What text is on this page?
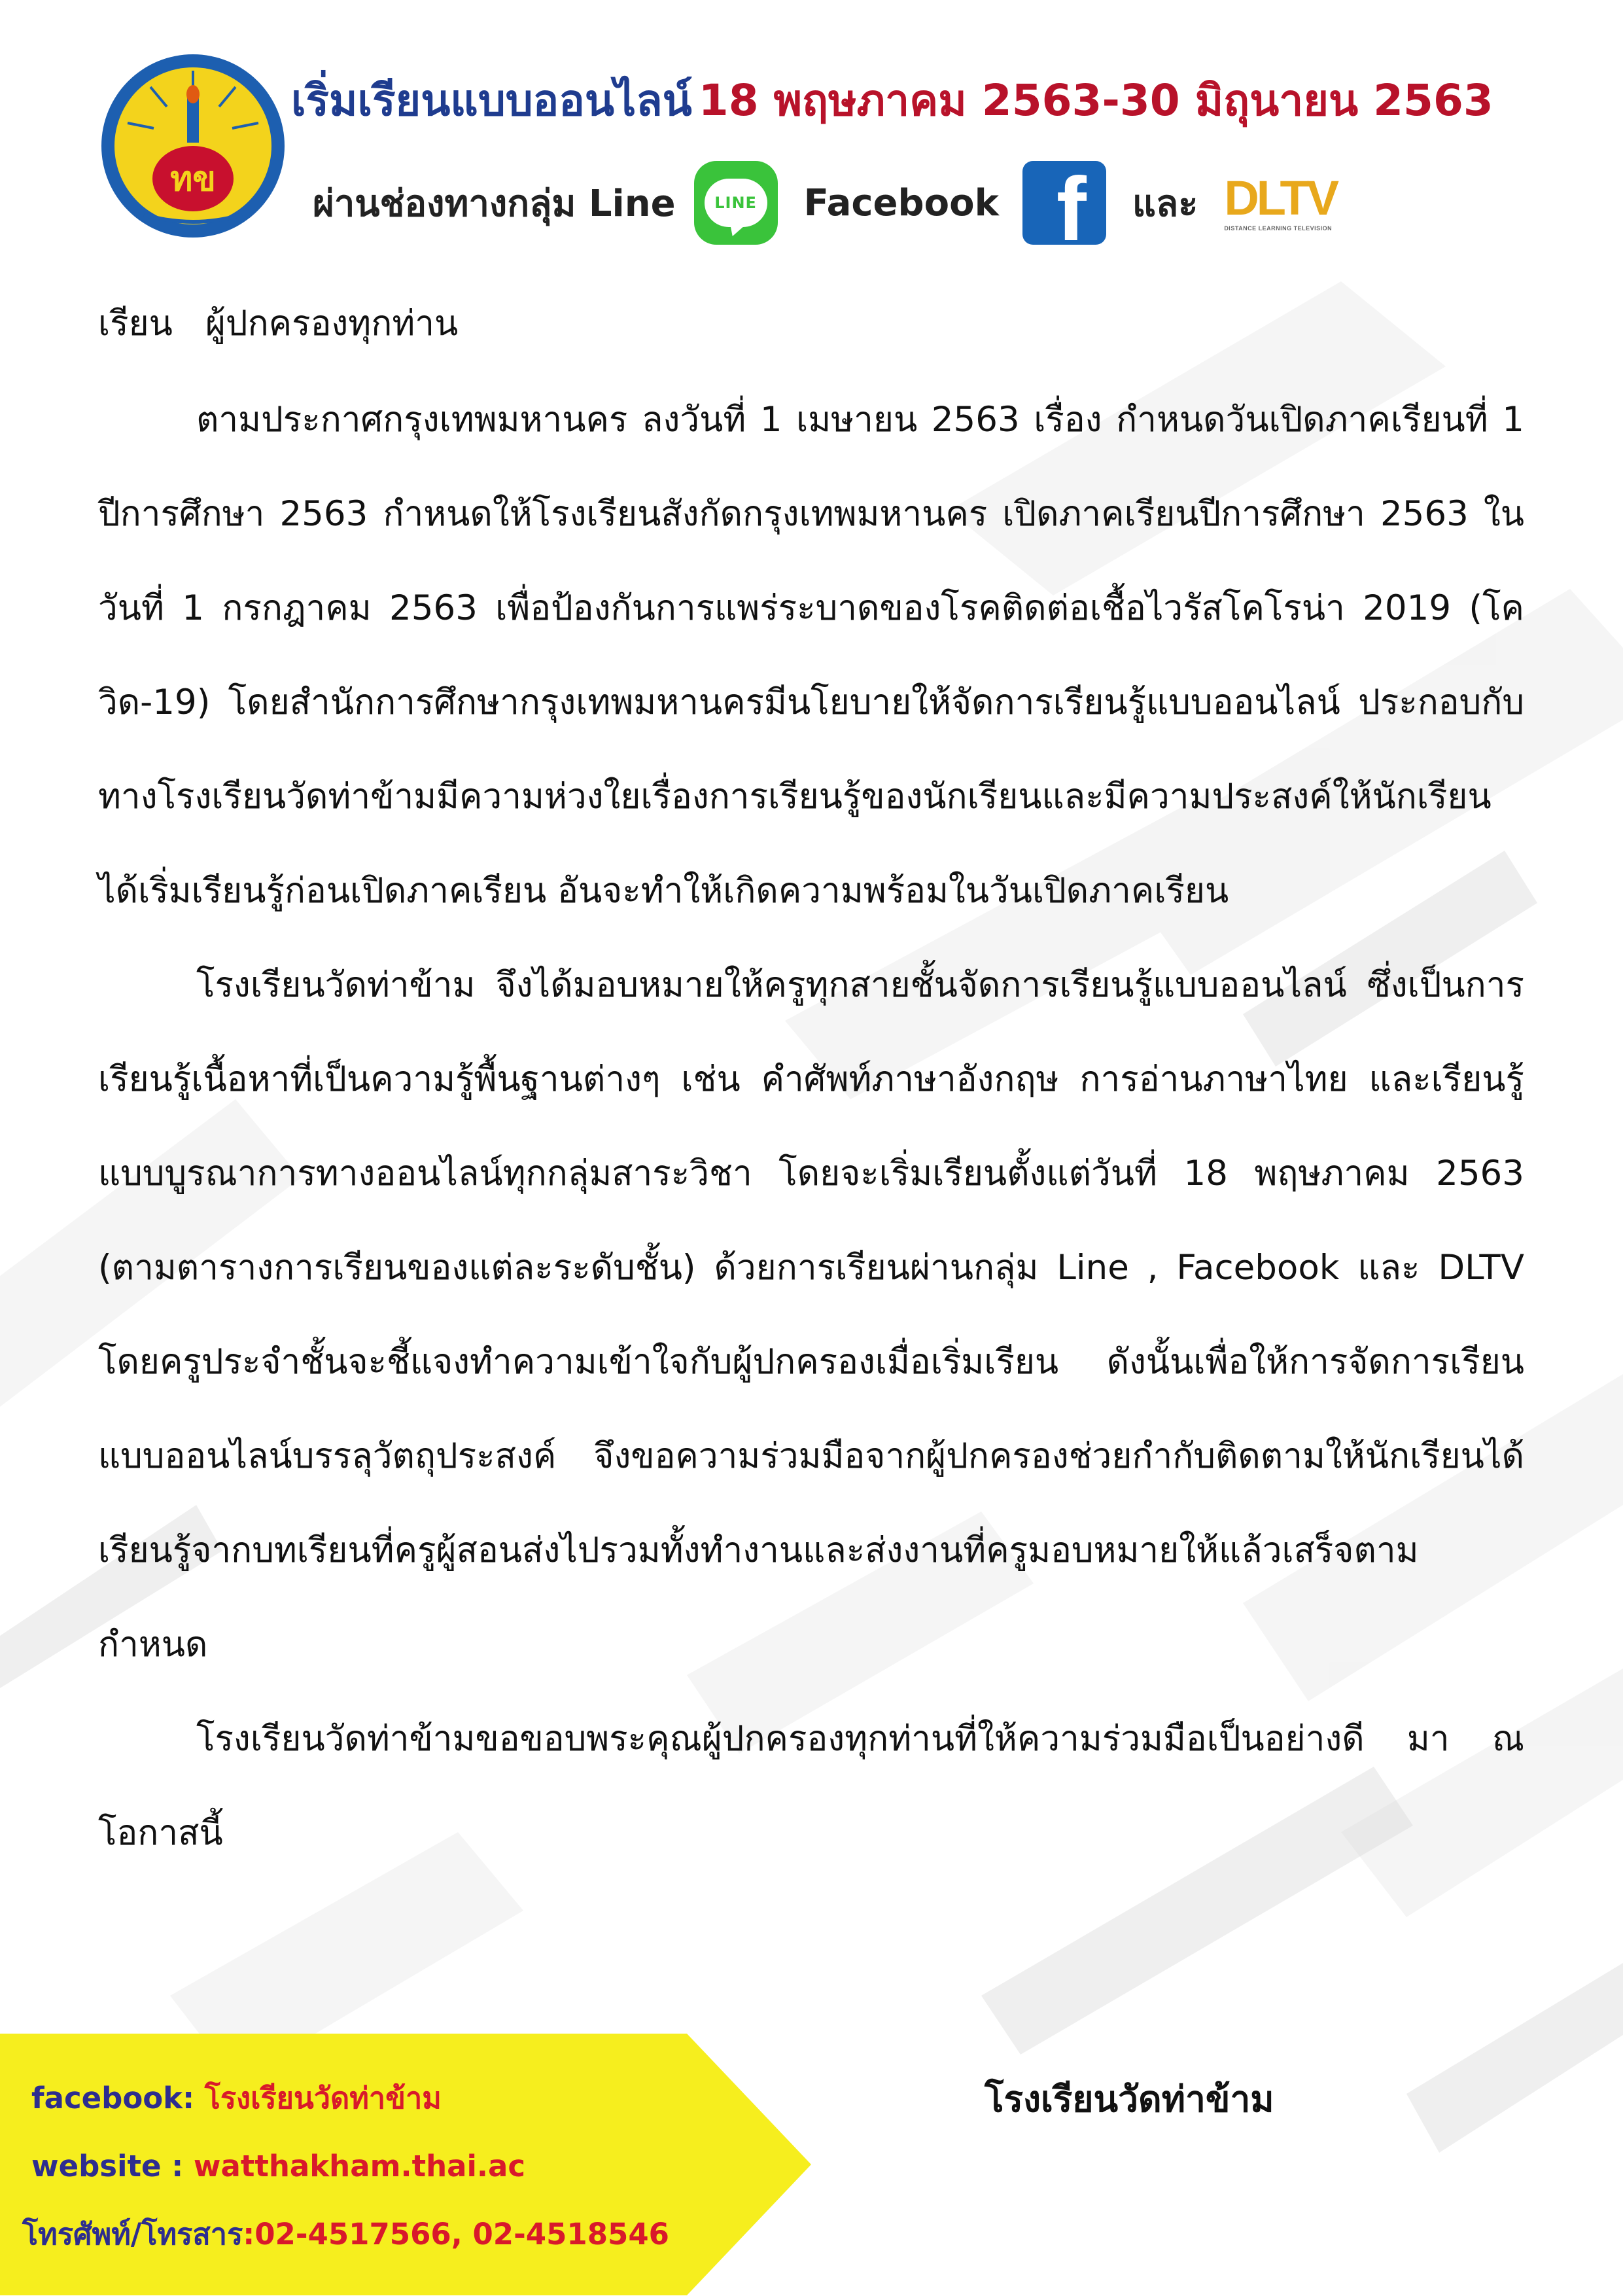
ทข
เริ่มเรียนแบบออนไลน์ 18 พฤษภาคม 2563-30 มิถุนายน 2563
ผ่านช่องทางกลุ่ม Line LINE Facebook f และ DLTV
DISTANCE LEARNING TELEVISION
เรียน ผู้ปกครองทุกท่าน

ตามประกาศกรุงเทพมหานคร ลงวันที่ 1 เมษายน 2563 เรื่อง กำหนดวันเปิดภาคเรียนที่ 1 ปีการศึกษา 2563 กำหนดให้โรงเรียนสังกัดกรุงเทพมหานคร เปิดภาคเรียนปีการศึกษา 2563 ในวันที่ 1 กรกฎาคม 2563 เพื่อป้องกันการแพร่ระบาดของโรคติดต่อเชื้อไวรัสโคโรน่า 2019 (โควิด-19) โดยสำนักการศึกษากรุงเทพมหานครมีนโยบายให้จัดการเรียนรู้แบบออนไลน์ ประกอบกับทางโรงเรียนวัดท่าข้ามมีความห่วงใยเรื่องการเรียนรู้ของนักเรียนและมีความประสงค์ให้นักเรียนได้เริ่มเรียนรู้ก่อนเปิดภาคเรียน อันจะทำให้เกิดความพร้อมในวันเปิดภาคเรียน

โรงเรียนวัดท่าข้าม จึงได้มอบหมายให้ครูทุกสายชั้นจัดการเรียนรู้แบบออนไลน์ ซึ่งเป็นการเรียนรู้เนื้อหาที่เป็นความรู้พื้นฐานต่างๆ เช่น คำศัพท์ภาษาอังกฤษ การอ่านภาษาไทย และเรียนรู้แบบบูรณาการทางออนไลน์ทุกกลุ่มสาระวิชา โดยจะเริ่มเรียนตั้งแต่วันที่ 18 พฤษภาคม 2563 (ตามตารางการเรียนของแต่ละระดับชั้น) ด้วยการเรียนผ่านกลุ่ม Line , Facebook และ DLTV โดยครูประจำชั้นจะชี้แจงทำความเข้าใจกับผู้ปกครองเมื่อเริ่มเรียน ดังนั้นเพื่อให้การจัดการเรียนแบบออนไลน์บรรลุวัตถุประสงค์ จึงขอความร่วมมือจากผู้ปกครองช่วยกำกับติดตามให้นักเรียนได้เรียนรู้จากบทเรียนที่ครูผู้สอนส่งไปรวมทั้งทำงานและส่งงานที่ครูมอบหมายให้แล้วเสร็จตามกำหนด

โรงเรียนวัดท่าข้ามขอขอบพระคุณผู้ปกครองทุกท่านที่ให้ความร่วมมือเป็นอย่างดี มา ณ โอกาสนี้

facebook: โรงเรียนวัดท่าข้าม
website : watthakham.thai.ac
โทรศัพท์/โทรสาร:02-4517566, 02-4518546
โรงเรียนวัดท่าข้าม
